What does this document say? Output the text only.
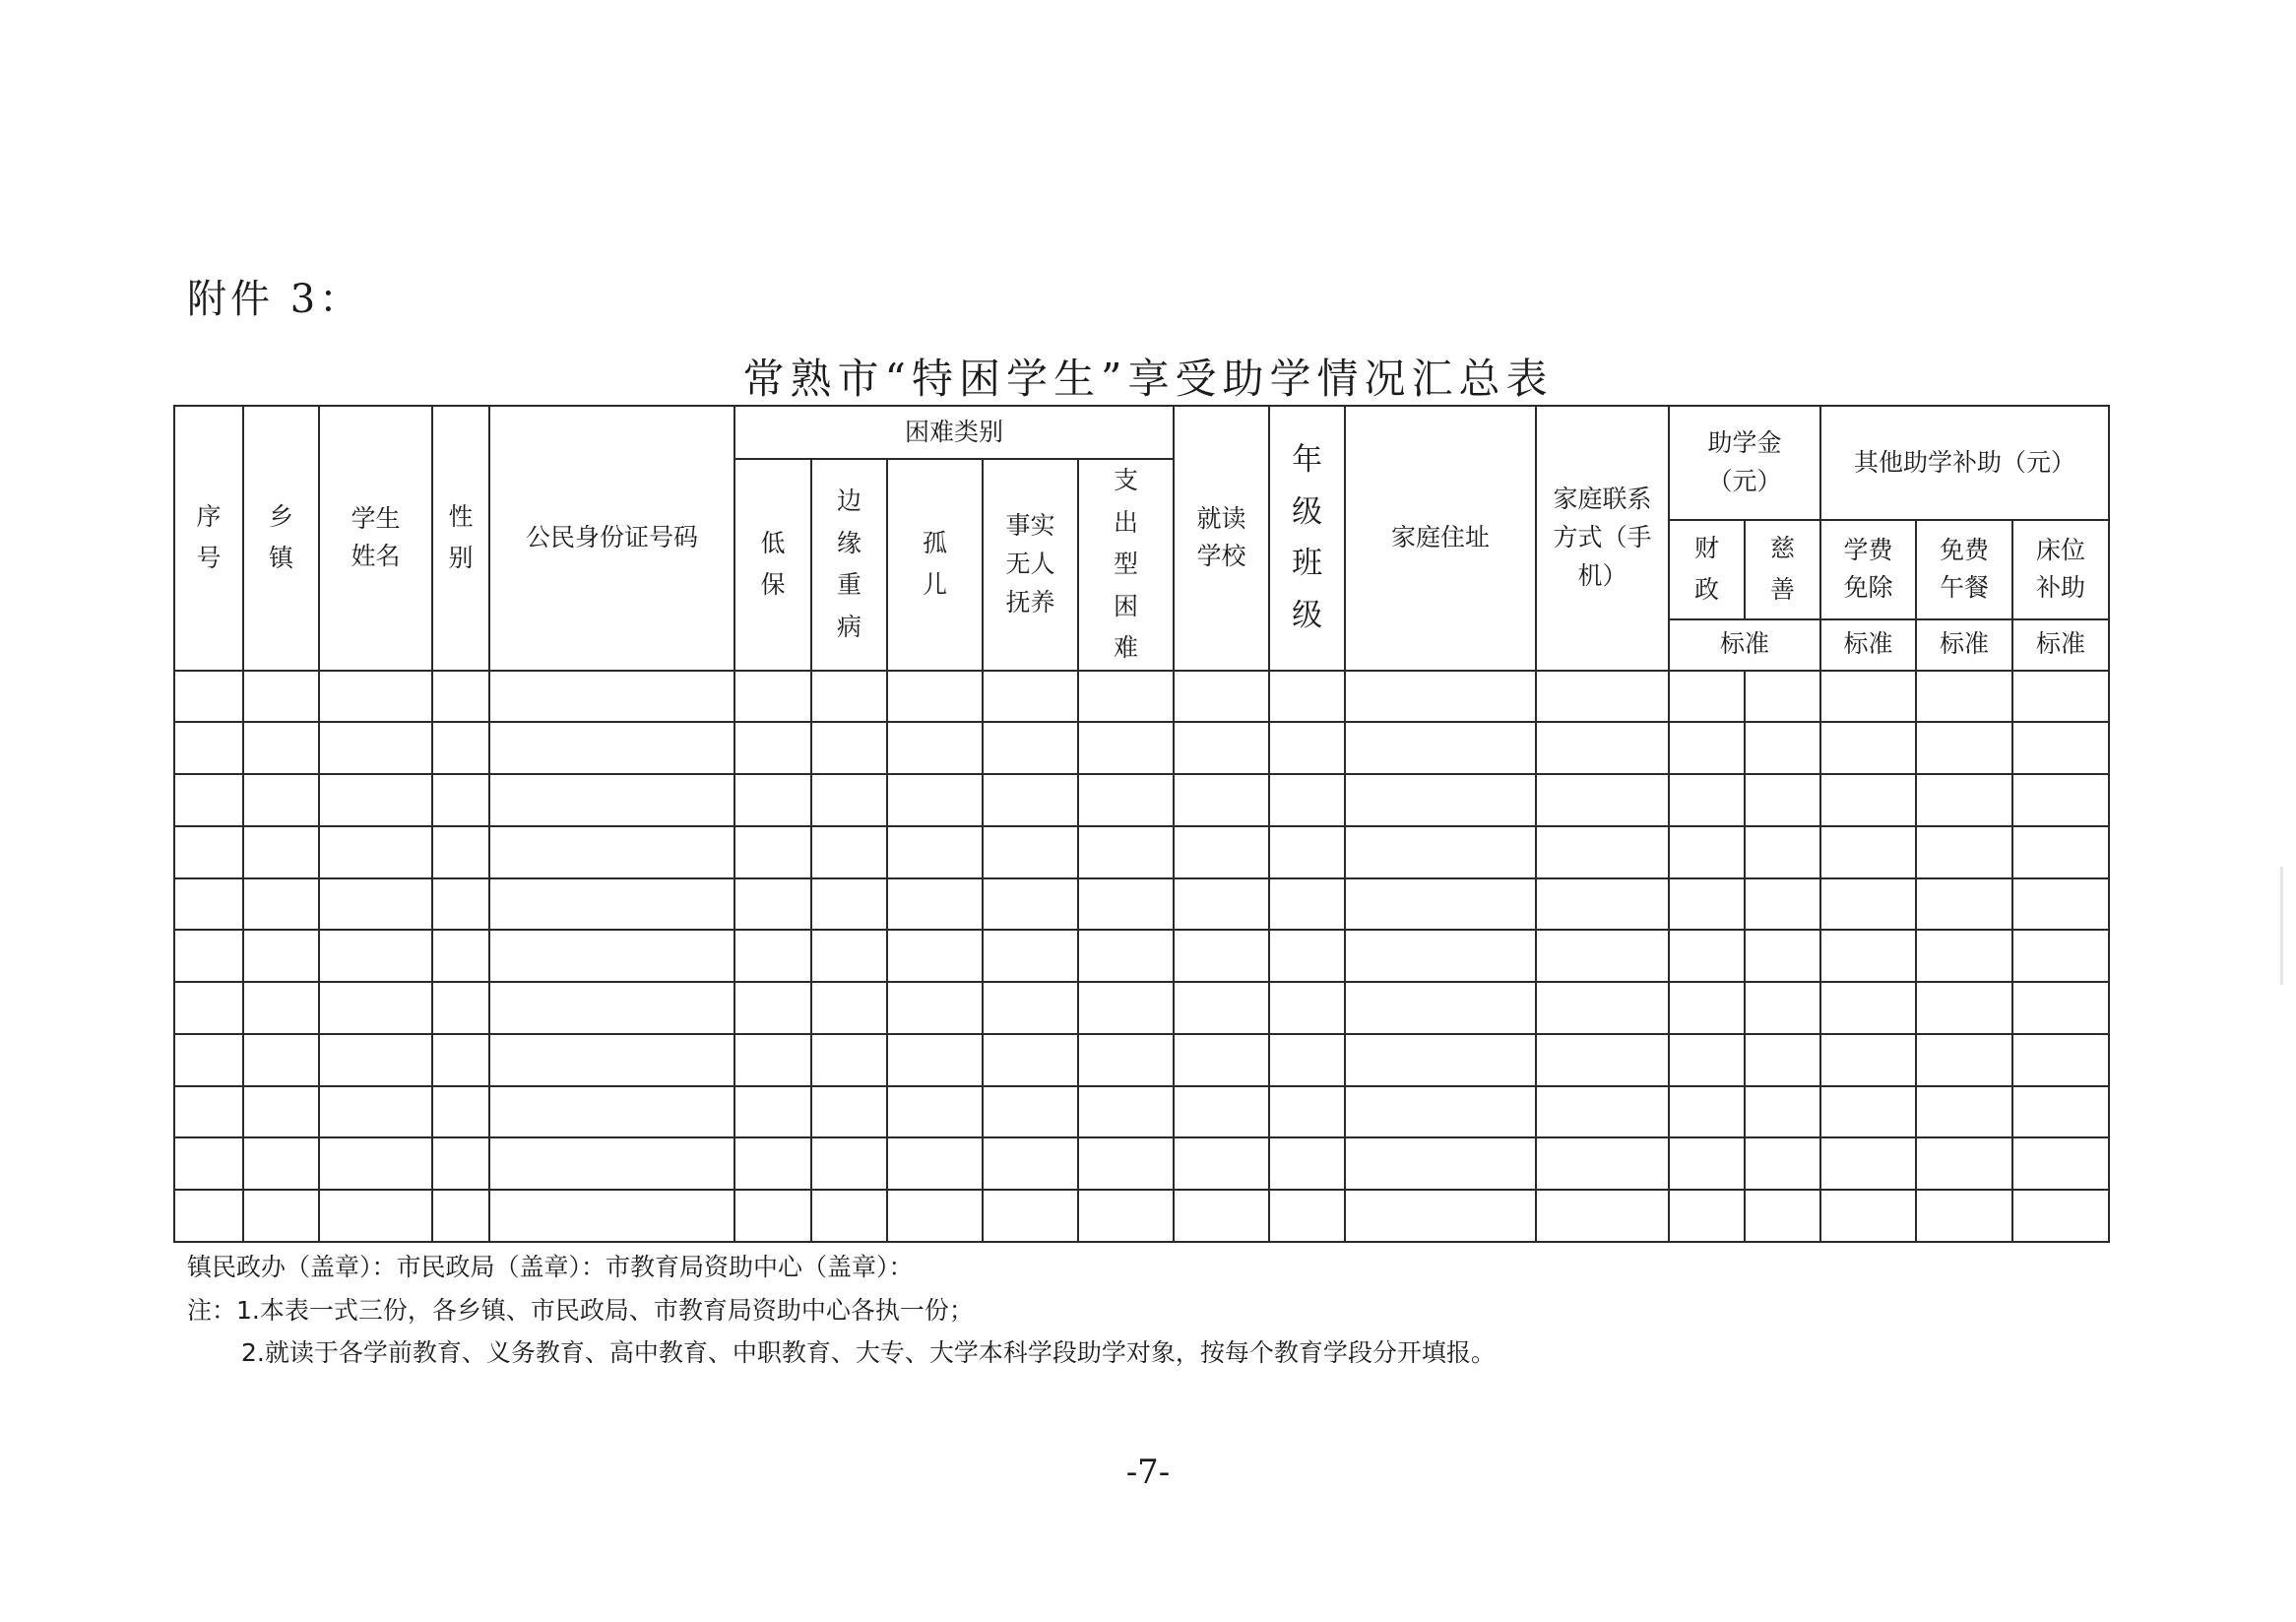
附件 3：
常熟市“特困学生”享受助学情况汇总表
序号	乡镇	学生姓名	性别	公民身份证号码	困难类别					就读学校	年级班级	家庭住址	家庭联系方式（手机）	助学金（元）		其他助学补助（元）		
					低保	边缘重病	孤儿	事实无人抚养	支出型困难									
														财政	慈善	学费免除	免费午餐	床位补助
														标准		标准	标准	标准

镇民政办（盖章）：市民政局（盖章）：市教育局资助中心（盖章）：
注：1.本表一式三份，各乡镇、市民政局、市教育局资助中心各执一份；
2.就读于各学前教育、义务教育、高中教育、中职教育、大专、大学本科学段助学对象，按每个教育学段分开填报。
-7-
